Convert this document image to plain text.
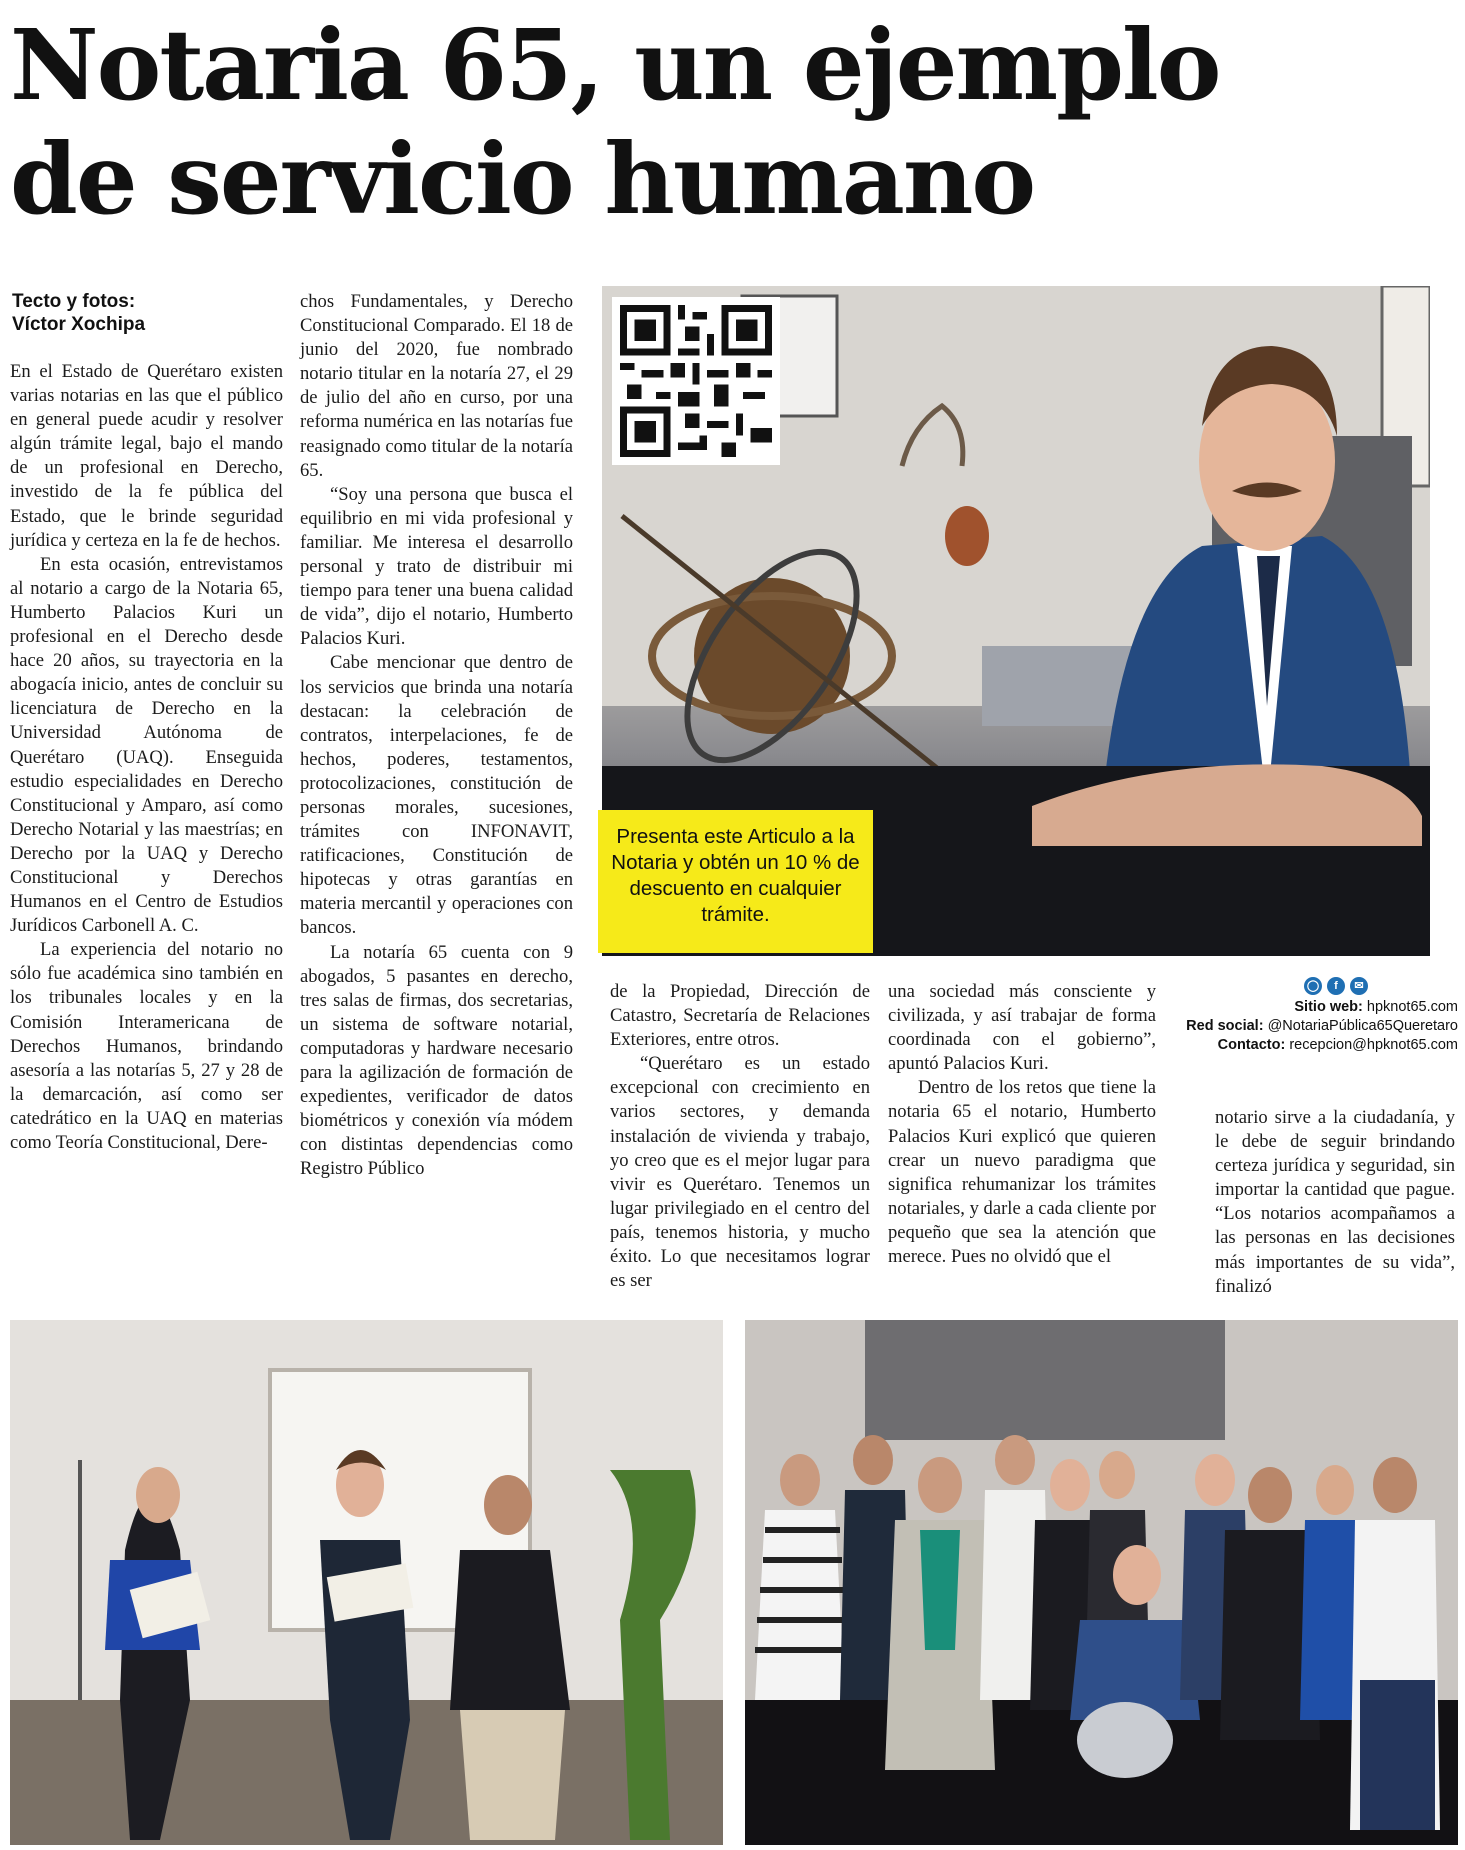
Notaria 65, un ejemplo
de servicio humano
Tecto y fotos:
Víctor Xochipa

En el Estado de Querétaro existen varias notarias en las que el público en general puede acudir y resolver algún trámite legal, bajo el mando de un profesional en Derecho, investido de la fe pública del Estado, que le brinde seguridad jurídica y certeza en la fe de hechos.

En esta ocasión, entrevistamos al notario a cargo de la Notaria 65, Humberto Palacios Kuri un profesional en el Derecho desde hace 20 años, su trayectoria en la abogacía inicio, antes de concluir su licenciatura de Derecho en la Universidad Autónoma de Querétaro (UAQ). Enseguida estudio especialidades en Derecho Constitucional y Amparo, así como Derecho Notarial y las maestrías; en Derecho por la UAQ y Derecho Constitucional y Derechos Humanos en el Centro de Estudios Jurídicos Carbonell A. C.

La experiencia del notario no sólo fue académica sino también en los tribunales locales y en la Comisión Interamericana de Derechos Humanos, brindando asesoría a las notarías 5, 27 y 28 de la demarcación, así como ser catedrático en la UAQ en materias como Teoría Constitucional, Dere-

chos Fundamentales, y Derecho Constitucional Comparado. El 18 de junio del 2020, fue nombrado notario titular en la notaría 27, el 29 de julio del año en curso, por una reforma numérica en las notarías fue reasignado como titular de la notaría 65.

“Soy una persona que busca el equilibrio en mi vida profesional y familiar. Me interesa el desarrollo personal y trato de distribuir mi tiempo para tener una buena calidad de vida”, dijo el notario, Humberto Palacios Kuri.

Cabe mencionar que dentro de los servicios que brinda una notaría destacan: la celebración de contratos, interpelaciones, fe de hechos, poderes, testamentos, protocolizaciones, constitución de personas morales, sucesiones, trámites con INFONAVIT, ratificaciones, Constitución de hipotecas y otras garantías en materia mercantil y operaciones con bancos.

La notaría 65 cuenta con 9 abogados, 5 pasantes en derecho, tres salas de firmas, dos secretarias, un sistema de software notarial, computadoras y hardware necesario para la agilización de formación de expedientes, verificador de datos biométricos y conexión vía módem con distintas dependencias como Registro Público

Presenta este Articulo a la Notaria y obtén un 10 % de descuento en cualquier trámite.

de la Propiedad, Dirección de Catastro, Secretaría de Relaciones Exteriores, entre otros.

“Querétaro es un estado excepcional con crecimiento en varios sectores, y demanda instalación de vivienda y trabajo, yo creo que es el mejor lugar para vivir es Querétaro. Tenemos un lugar privilegiado en el centro del país, tenemos historia, y mucho éxito. Lo que necesitamos lograr es ser

una sociedad más consciente y civilizada, y así trabajar de forma coordinada con el gobierno”, apuntó Palacios Kuri.

Dentro de los retos que tiene la notaria 65 el notario, Humberto Palacios Kuri explicó que quieren crear un nuevo paradigma que significa rehumanizar los trámites notariales, y darle a cada cliente por pequeño que sea la atención que merece. Pues no olvidó que el

◯ f ✉
Sitio web: hpknot65.com
Red social: @NotariaPública65Queretaro
Contacto: recepcion@hpknot65.com

notario sirve a la ciudadanía, y le debe de seguir brindando certeza jurídica y seguridad, sin importar la cantidad que pague. “Los notarios acompañamos a las personas en las decisiones más importantes de su vida”, finalizó
